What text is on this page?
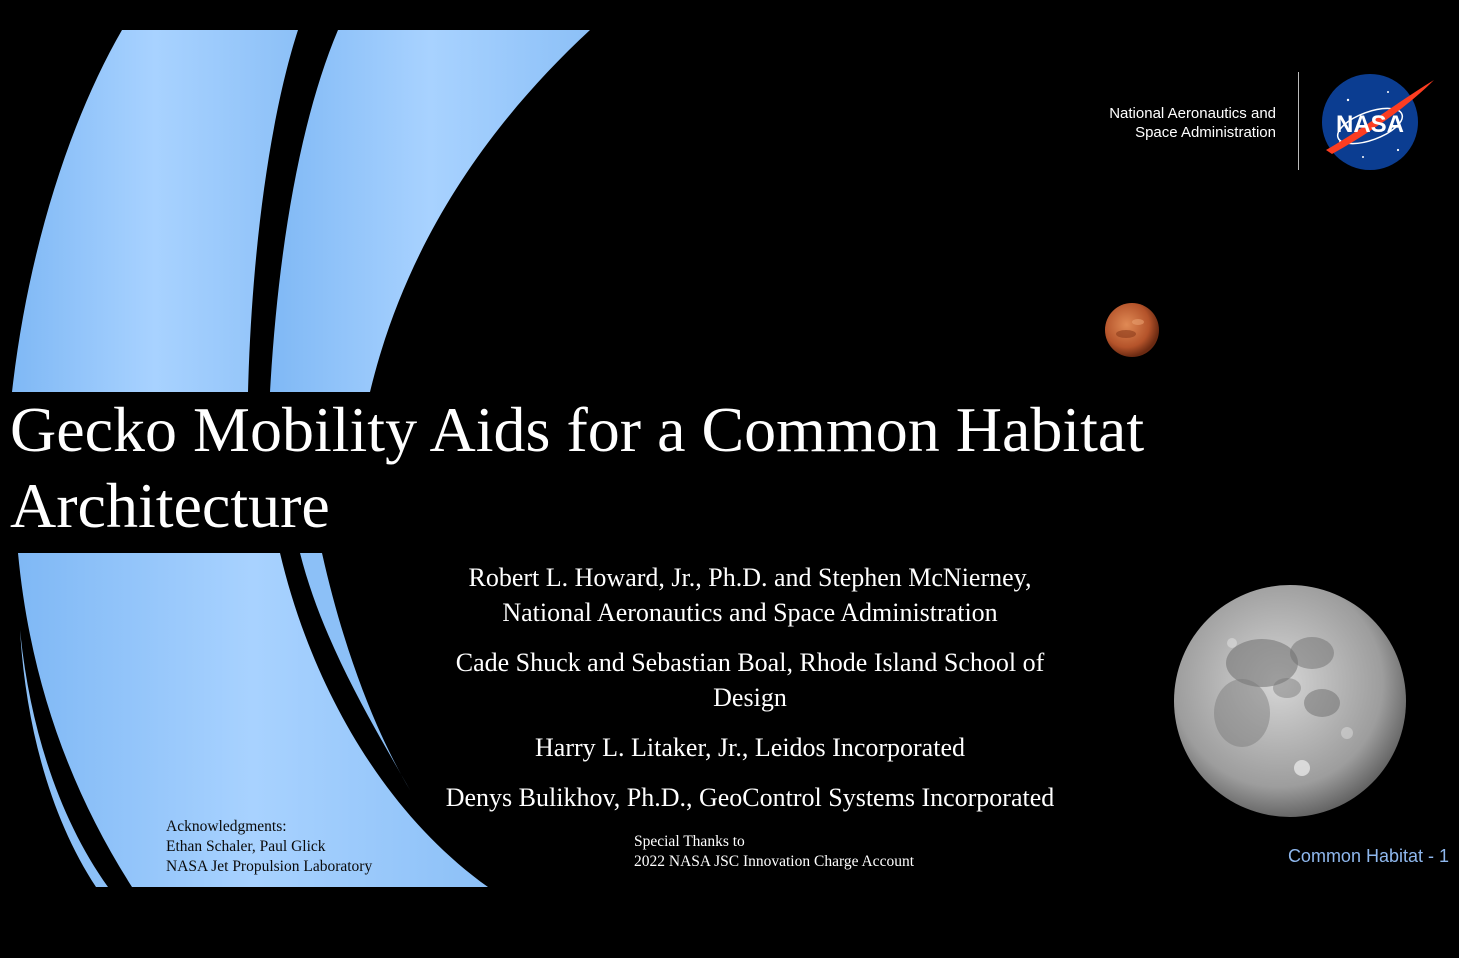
Gecko Mobility Aids for a Common Habitat
Architecture

Robert L. Howard, Jr., Ph.D. and Stephen McNierney,
National Aeronautics and Space Administration

Cade Shuck and Sebastian Boal, Rhode Island School of
Design

Harry L. Litaker, Jr., Leidos Incorporated

Denys Bulikhov, Ph.D., GeoControl Systems Incorporated

Acknowledgments:
Ethan Schaler, Paul Glick
NASA Jet Propulsion Laboratory
Special Thanks to
2022 NASA JSC Innovation Charge Account
National Aeronautics and
Space Administration NASA
Common Habitat - 1
